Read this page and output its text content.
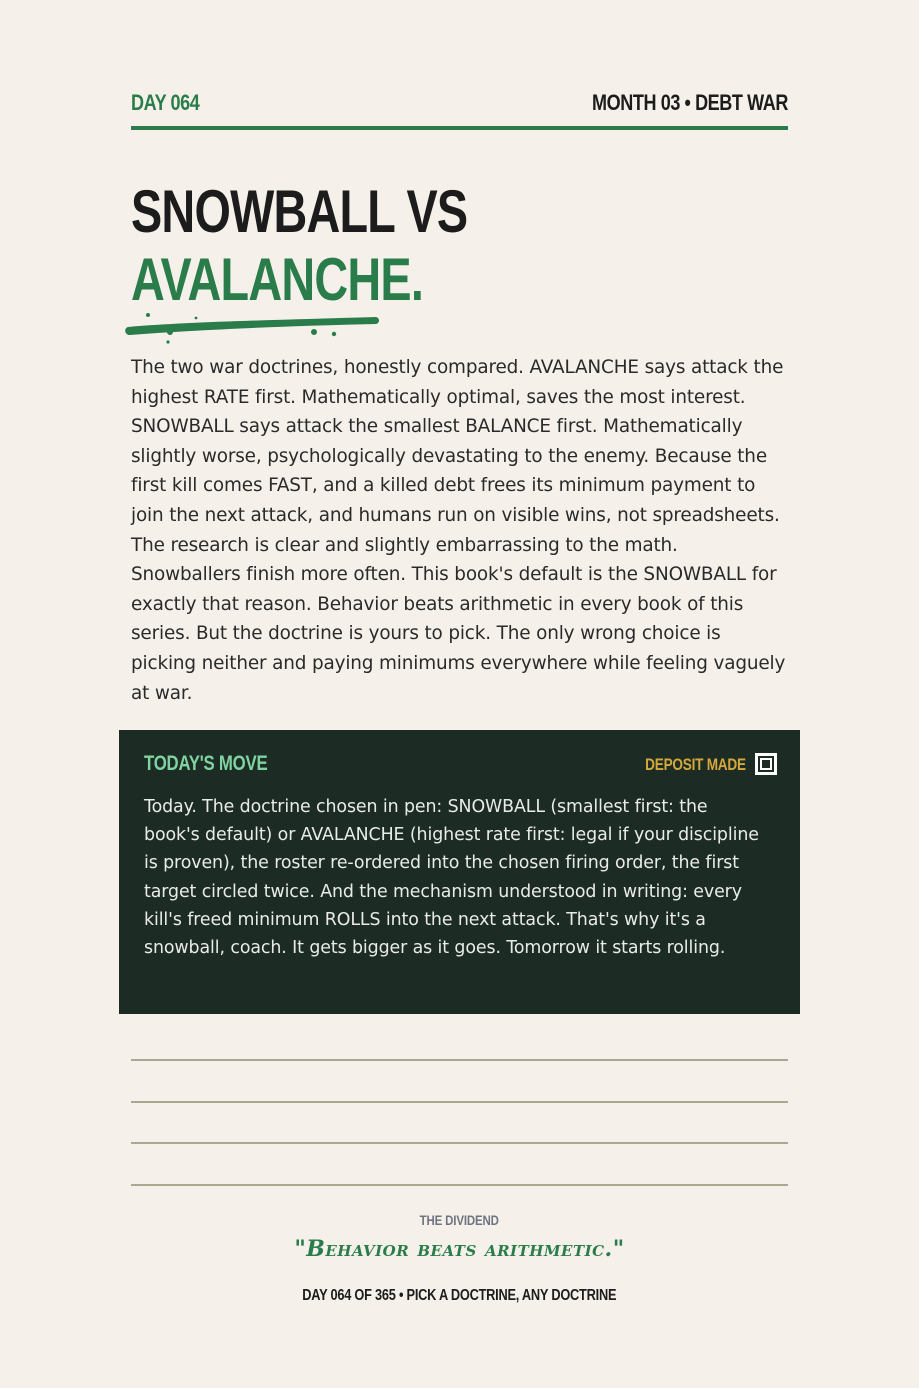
DAY 064	MONTH 03 • DEBT WAR
SNOWBALL VS
AVALANCHE.
The two war doctrines, honestly compared. AVALANCHE says attack the highest RATE first. Mathematically optimal, saves the most interest. SNOWBALL says attack the smallest BALANCE first. Mathematically slightly worse, psychologically devastating to the enemy. Because the first kill comes FAST, and a killed debt frees its minimum payment to join the next attack, and humans run on visible wins, not spreadsheets. The research is clear and slightly embarrassing to the math. Snowballers finish more often. This book's default is the SNOWBALL for exactly that reason. Behavior beats arithmetic in every book of this series. But the doctrine is yours to pick. The only wrong choice is picking neither and paying minimums everywhere while feeling vaguely at war.
TODAY'S MOVE	DEPOSIT MADE
Today. The doctrine chosen in pen: SNOWBALL (smallest first: the book's default) or AVALANCHE (highest rate first: legal if your discipline is proven), the roster re-ordered into the chosen firing order, the first target circled twice. And the mechanism understood in writing: every kill's freed minimum ROLLS into the next attack. That's why it's a snowball, coach. It gets bigger as it goes. Tomorrow it starts rolling.
THE DIVIDEND
"Behavior beats arithmetic."
DAY 064 OF 365 • PICK A DOCTRINE, ANY DOCTRINE
